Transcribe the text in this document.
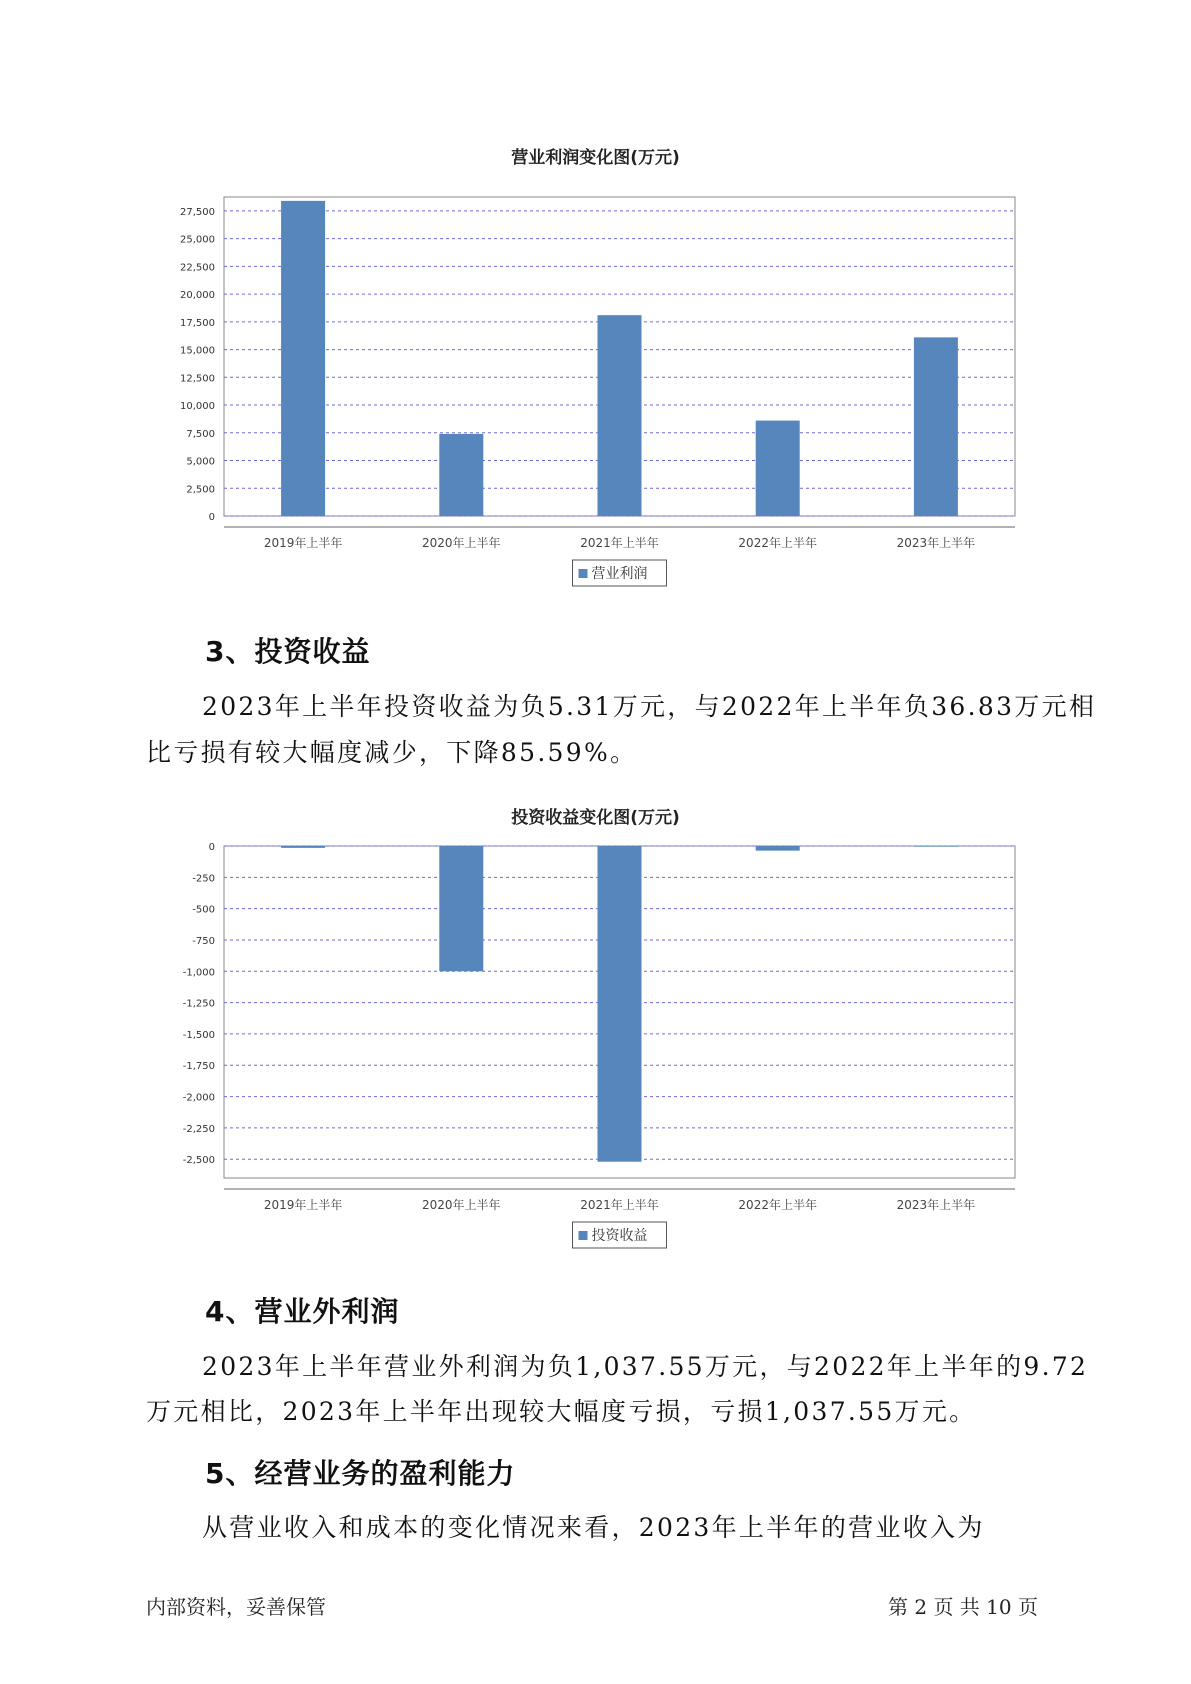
营业利润变化图(万元)
0
2,500
5,000
7,500
10,000
12,500
15,000
17,500
20,000
22,500
25,000
27,500
2019年上半年	2020年上半年	2021年上半年	2022年上半年	2023年上半年
营业利润
3、投资收益
2023年上半年投资收益为负5.31万元，与2022年上半年负36.83万元相
比亏损有较大幅度减少，下降85.59%。
投资收益变化图(万元)
0
-250
-500
-750
-1,000
-1,250
-1,500
-1,750
-2,000
-2,250
-2,500
2019年上半年	2020年上半年	2021年上半年	2022年上半年	2023年上半年
投资收益
4、营业外利润
2023年上半年营业外利润为负1,037.55万元，与2022年上半年的9.72
万元相比，2023年上半年出现较大幅度亏损，亏损1,037.55万元。
5、经营业务的盈利能力
从营业收入和成本的变化情况来看，2023年上半年的营业收入为
内部资料，妥善保管	第 2 页 共 10 页
